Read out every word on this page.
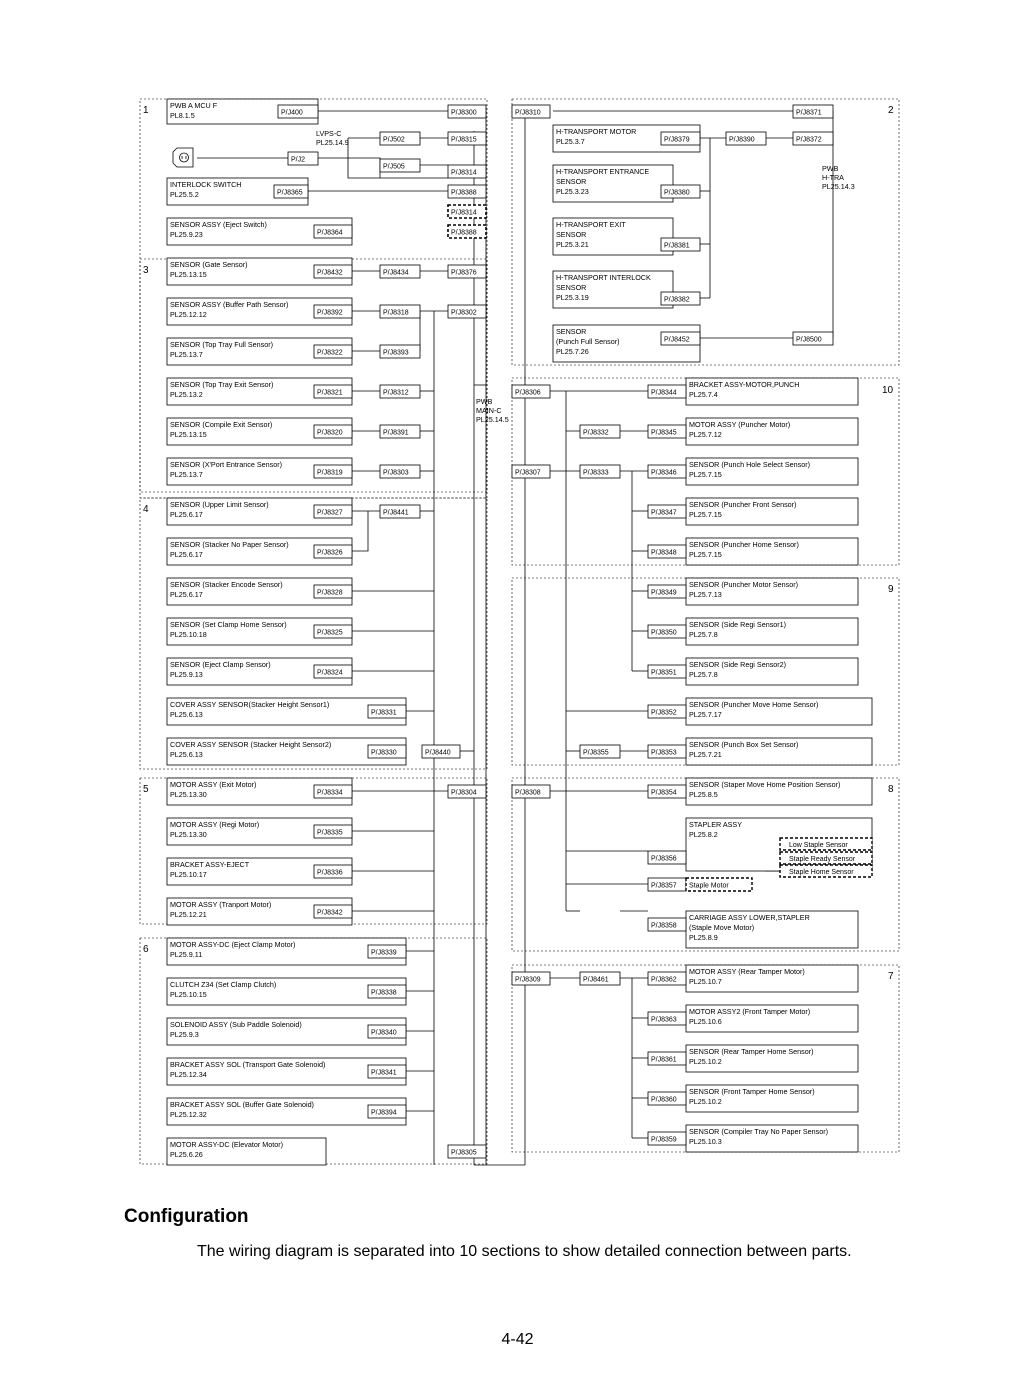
PWB A MCU F
PL8.1.5
INTERLOCK SWITCH
PL25.5.2
SENSOR ASSY (Eject Switch)
PL25.9.23
SENSOR (Gate Sensor)
PL25.13.15
SENSOR ASSY (Buffer Path Sensor)
PL25.12.12
SENSOR (Top Tray Full Sensor)
PL25.13.7
SENSOR (Top Tray Exit Sensor)
PL25.13.2
SENSOR (Compile Exit Sensor)
PL25.13.15
SENSOR (X'Port Entrance Sensor)
PL25.13.7
SENSOR (Upper Limit Sensor)
PL25.6.17
SENSOR (Stacker No Paper Sensor)
PL25.6.17
SENSOR (Stacker Encode Sensor)
PL25.6.17
SENSOR (Set Clamp Home Sensor)
PL25.10.18
SENSOR (Eject Clamp Sensor)
PL25.9.13
COVER ASSY SENSOR(Stacker Height Sensor1)
PL25.6.13
COVER ASSY SENSOR (Stacker Height Sensor2)
PL25.6.13
MOTOR ASSY (Exit Motor)
PL25.13.30
MOTOR ASSY (Regi Motor)
PL25.13.30
BRACKET ASSY-EJECT
PL25.10.17
MOTOR ASSY (Tranport Motor)
PL25.12.21
MOTOR ASSY-DC (Eject Clamp Motor)
PL25.9.11
CLUTCH Z34 (Set Clamp Clutch)
PL25.10.15
SOLENOID ASSY (Sub Paddle Solenoid)
PL25.9.3
BRACKET ASSY SOL (Transport Gate Solenoid)
PL25.12.34
BRACKET ASSY SOL (Buffer Gate Solenoid)
PL25.12.32
MOTOR ASSY-DC (Elevator Motor)
PL25.6.26
H-TRANSPORT MOTOR
PL25.3.7
H-TRANSPORT ENTRANCE
SENSOR
PL25.3.23
H-TRANSPORT EXIT
SENSOR
PL25.3.21
H-TRANSPORT INTERLOCK
SENSOR
PL25.3.19
SENSOR
(Punch Full Sensor)
PL25.7.26
BRACKET ASSY-MOTOR,PUNCH
PL25.7.4
MOTOR ASSY (Puncher Motor)
PL25.7.12
SENSOR (Punch Hole Select Sensor)
PL25.7.15
SENSOR (Puncher Front Sensor)
PL25.7.15
SENSOR (Puncher Home Sensor)
PL25.7.15
SENSOR (Puncher Motor Sensor)
PL25.7.13
SENSOR (Side Regi Sensor1)
PL25.7.8
SENSOR (Side Regi Sensor2)
PL25.7.8
SENSOR (Puncher Move Home Sensor)
PL25.7.17
SENSOR (Punch Box Set Sensor)
PL25.7.21
SENSOR (Staper Move Home Position Sensor)
PL25.8.5
STAPLER ASSY
PL25.8.2
CARRIAGE ASSY LOWER,STAPLER
(Staple Move Motor)
PL25.8.9
MOTOR ASSY (Rear Tamper Motor)
PL25.10.7
MOTOR ASSY2 (Front Tamper Motor)
PL25.10.6
SENSOR (Rear Tamper Home Sensor)
PL25.10.2
SENSOR (Front Tamper Home Sensor)
PL25.10.2
SENSOR (Compiler Tray No Paper Sensor)
PL25.10.3
P/J400	P/J8300	P/J8310	P/J8371
P/J502	P/J8315
P/J2
P/J505
P/J8314
P/J8365	P/J8388
P/J8314
P/J8364	P/J8388
P/J8379	P/J8390	P/J8372
P/J8380
P/J8381
P/J8382
P/J8452	P/J8500
P/J8432	P/J8434	P/J8376
P/J8392	P/J8318	P/J8302
P/J8322	P/J8393
P/J8321	P/J8312
P/J8320	P/J8391
P/J8319	P/J8303
P/J8327	P/J8441
P/J8326
P/J8328
P/J8325
P/J8324
P/J8331
P/J8330	P/J8440
P/J8306	P/J8344
P/J8332	P/J8345
P/J8307	P/J8333	P/J8346
P/J8347
P/J8348
P/J8349
P/J8350
P/J8351
P/J8352
P/J8355	P/J8353
P/J8334	P/J8304	P/J8308	P/J8354
P/J8335
P/J8336
P/J8356
P/J8357
P/J8342
P/J8358
P/J8339
P/J8309	P/J8461	P/J8362
P/J8338
P/J8363
P/J8340
P/J8341
P/J8361
P/J8394
P/J8360
P/J8305
P/J8359
Low Staple Sensor
Staple Ready Sensor
Staple Home Sensor
Staple Motor
1	2
3
4
5
6
7
8
9
10
LVPS-C
PL25.14.9
PWB
H-TRA
PL25.14.3
PWB
MAIN-C
PL25.14.5
Configuration

The wiring diagram is separated into 10 sections to show detailed connection between parts.

4-42
